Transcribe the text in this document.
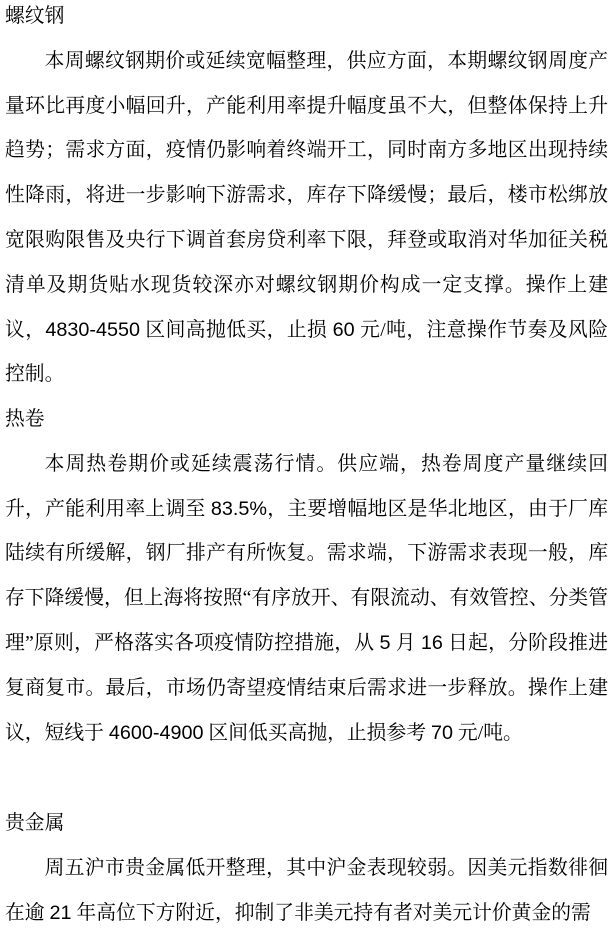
螺纹钢

本周螺纹钢期价或延续宽幅整理，供应方面，本期螺纹钢周度产量环比再度小幅回升，产能利用率提升幅度虽不大，但整体保持上升趋势；需求方面，疫情仍影响着终端开工，同时南方多地区出现持续性降雨，将进一步影响下游需求，库存下降缓慢；最后，楼市松绑放宽限购限售及央行下调首套房贷利率下限，拜登或取消对华加征关税清单及期货贴水现货较深亦对螺纹钢期价构成一定支撑。操作上建议，4830-4550 区间高抛低买，止损 60 元/吨，注意操作节奏及风险控制。

热卷

本周热卷期价或延续震荡行情。供应端，热卷周度产量继续回升，产能利用率上调至 83.5%，主要增幅地区是华北地区，由于厂库陆续有所缓解，钢厂排产有所恢复。需求端，下游需求表现一般，库存下降缓慢，但上海将按照“有序放开、有限流动、有效管控、分类管理”原则，严格落实各项疫情防控措施，从 5 月 16 日起，分阶段推进复商复市。最后，市场仍寄望疫情结束后需求进一步释放。操作上建议，短线于 4600-4900 区间低买高抛，止损参考 70 元/吨。

贵金属

周五沪市贵金属低开整理，其中沪金表现较弱。因美元指数徘徊在逾 21 年高位下方附近，抑制了非美元持有者对美元计价黄金的需
